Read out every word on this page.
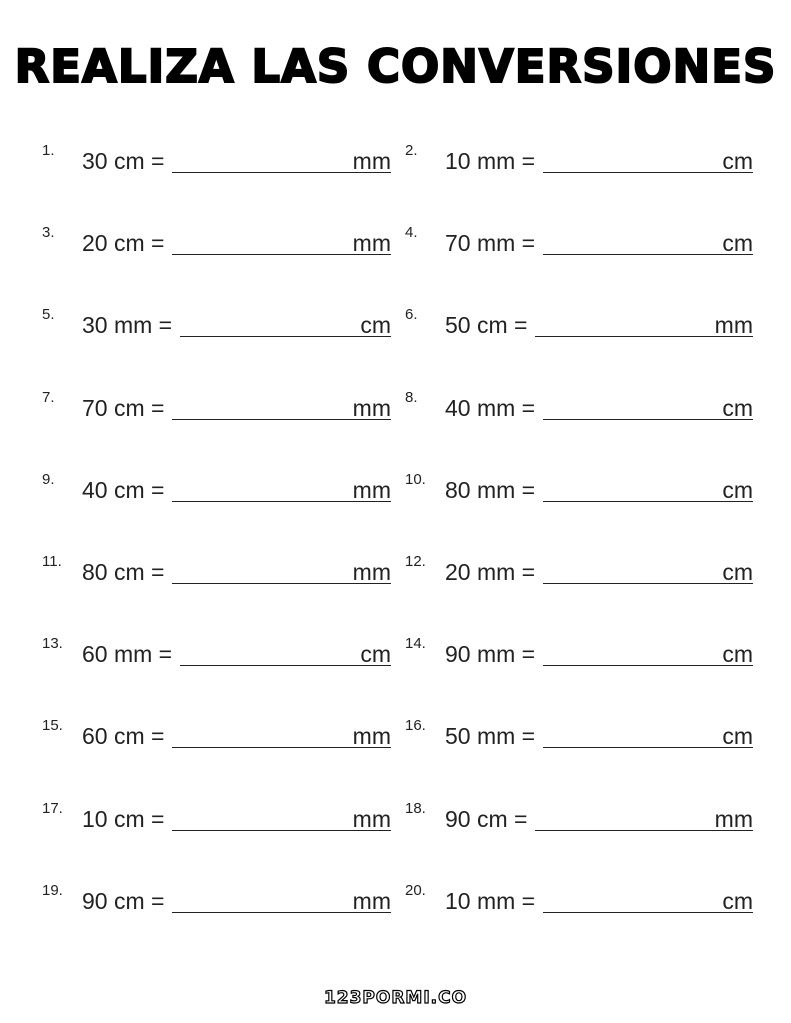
REALIZA LAS CONVERSIONES
1. 30 cm =	mm 2. 10 mm =	cm
3. 20 cm =	mm 4. 70 mm =	cm
5. 30 mm =	cm 6. 50 cm =	mm
7. 70 cm =	mm 8. 40 mm =	cm
9. 40 cm =	mm 10. 80 mm =	cm
11. 80 cm =	mm 12. 20 mm =	cm
13. 60 mm =	cm 14. 90 mm =	cm
15. 60 cm =	mm 16. 50 mm =	cm
17. 10 cm =	mm 18. 90 cm =	mm
19. 90 cm =	mm 20. 10 mm =	cm
123PORMI.CO
